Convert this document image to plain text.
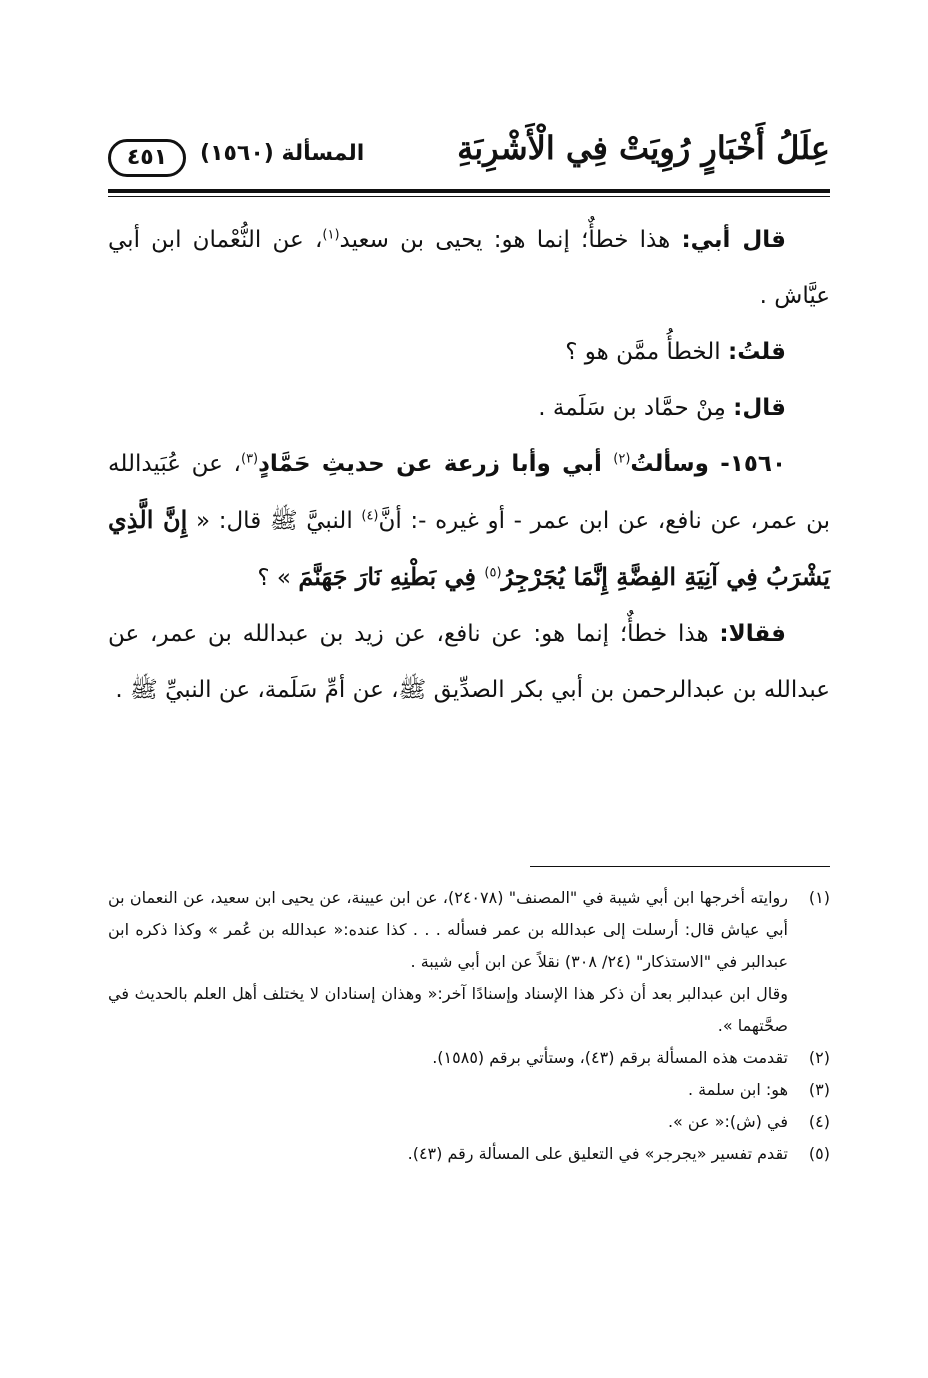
عِلَلُ أَخْبَارٍ رُوِيَتْ فِي الْأَشْرِبَةِ
المسألة (١٥٦٠)
٤٥١

قال أبي: هذا خطأٌ؛ إنما هو: يحيى بن سعيد$^{(١)}$، عن النُّعْمان ابن أبي عيَّاش .

قلتُ: الخطأُ ممَّن هو ؟

قال: مِنْ حمَّاد بن سَلَمة .

١٥٦٠- وسألتُ$^{(٢)}$ أبي وأبا زرعة عن حديثِ حَمَّادٍ$^{(٣)}$، عن عُبَيدالله بن عمر، عن نافع، عن ابن عمر - أو غيره -: أنَّ$^{(٤)}$ النبيَّ ﷺ قال: « إِنَّ الَّذِي يَشْرَبُ فِي آنِيَةِ الفِضَّةِ إِنَّمَا يُجَرْجِرُ$^{(٥)}$ فِي بَطْنِهِ نَارَ جَهَنَّمَ » ؟

فقالا: هذا خطأٌ؛ إنما هو: عن نافع، عن زيد بن عبدالله بن عمر، عن عبدالله بن عبدالرحمن بن أبي بكر الصدِّيق ﷺ، عن أمِّ سَلَمة، عن النبيِّ ﷺ .

(١)
روايته أخرجها ابن أبي شيبة في "المصنف" (٢٤٠٧٨)، عن ابن عيينة، عن يحيى ابن سعيد، عن النعمان بن أبي عياش قال: أرسلت إلى عبدالله بن عمر فسأله . . . كذا عنده:« عبدالله بن عُمر » وكذا ذكره ابن عبدالبر في "الاستذكار" (٢٤/ ٣٠٨) نقلاً عن ابن أبي شيبة .
وقال ابن عبدالبر بعد أن ذكر هذا الإسناد وإسنادًا آخر:« وهذان إسنادان لا يختلف أهل العلم بالحديث في صحَّتهما ».
(٢)
تقدمت هذه المسألة برقم (٤٣)، وستأتي برقم (١٥٨٥).
(٣)
هو: ابن سلمة .
(٤)
في (ش):« عن ».
(٥)
تقدم تفسير «يجرجر» في التعليق على المسألة رقم (٤٣).
